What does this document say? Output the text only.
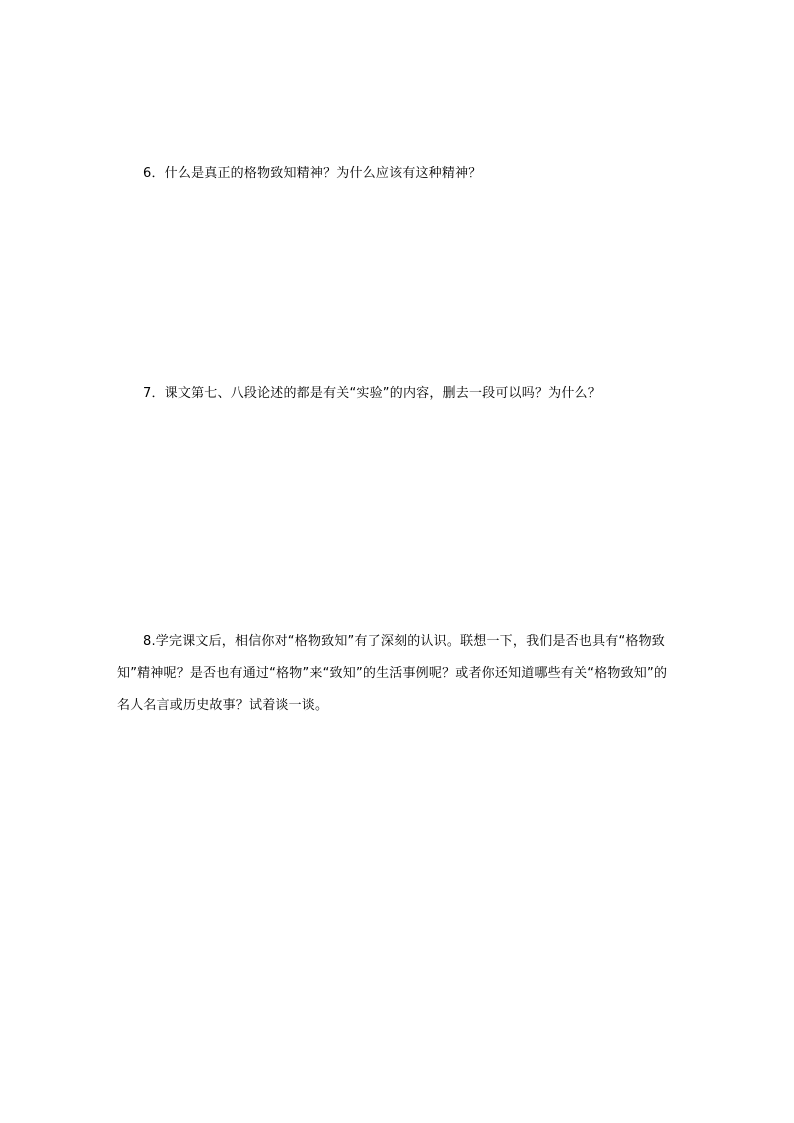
6．什么是真正的格物致知精神？为什么应该有这种精神？
7．课文第七、八段论述的都是有关“实验”的内容，删去一段可以吗？为什么？
8.学完课文后，相信你对“格物致知”有了深刻的认识。联想一下，我们是否也具有“格物致知”精神呢？是否也有通过“格物”来“致知”的生活事例呢？或者你还知道哪些有关“格物致知”的名人名言或历史故事？试着谈一谈。
